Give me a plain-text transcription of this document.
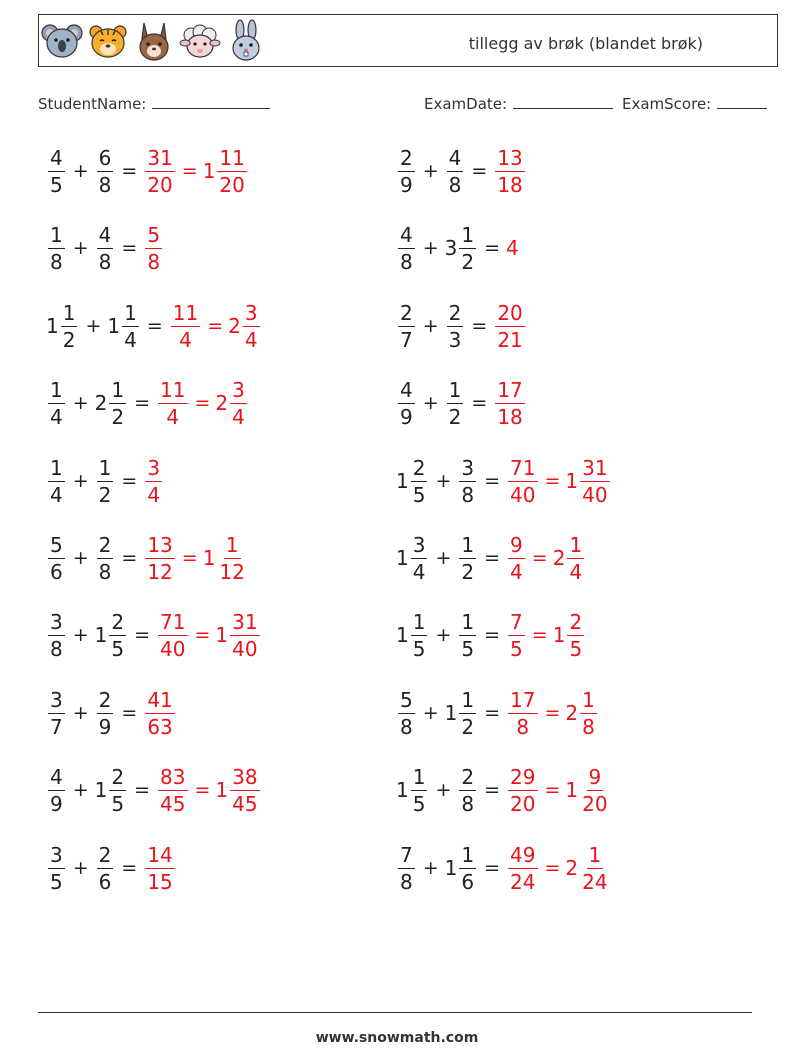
tillegg av brøk (blandet brøk)
StudentName:	ExamDate:	ExamScore:
$\frac{4}{5} + \frac{6}{8} = \frac{31}{20} = 1 \frac{11}{20}$	$\frac{2}{9} + \frac{4}{8} = \frac{13}{18}$
$\frac{1}{8} + \frac{4}{8} = \frac{5}{8}$	$\frac{4}{8} + 3 \frac{1}{2} = 4$
$1 \frac{1}{2} + 1 \frac{1}{4} = \frac{11}{4} = 2 \frac{3}{4}$	$\frac{2}{7} + \frac{2}{3} = \frac{20}{21}$
$\frac{1}{4} + 2 \frac{1}{2} = \frac{11}{4} = 2 \frac{3}{4}$	$\frac{4}{9} + \frac{1}{2} = \frac{17}{18}$
$\frac{1}{4} + \frac{1}{2} = \frac{3}{4}$	$1 \frac{2}{5} + \frac{3}{8} = \frac{71}{40} = 1 \frac{31}{40}$
$\frac{5}{6} + \frac{2}{8} = \frac{13}{12} = 1 \frac{1}{12}$	$1 \frac{3}{4} + \frac{1}{2} = \frac{9}{4} = 2 \frac{1}{4}$
$\frac{3}{8} + 1 \frac{2}{5} = \frac{71}{40} = 1 \frac{31}{40}$	$1 \frac{1}{5} + \frac{1}{5} = \frac{7}{5} = 1 \frac{2}{5}$
$\frac{3}{7} + \frac{2}{9} = \frac{41}{63}$	$\frac{5}{8} + 1 \frac{1}{2} = \frac{17}{8} = 2 \frac{1}{8}$
$\frac{4}{9} + 1 \frac{2}{5} = \frac{83}{45} = 1 \frac{38}{45}$	$1 \frac{1}{5} + \frac{2}{8} = \frac{29}{20} = 1 \frac{9}{20}$
$\frac{3}{5} + \frac{2}{6} = \frac{14}{15}$	$\frac{7}{8} + 1 \frac{1}{6} = \frac{49}{24} = 2 \frac{1}{24}$
www.snowmath.com
